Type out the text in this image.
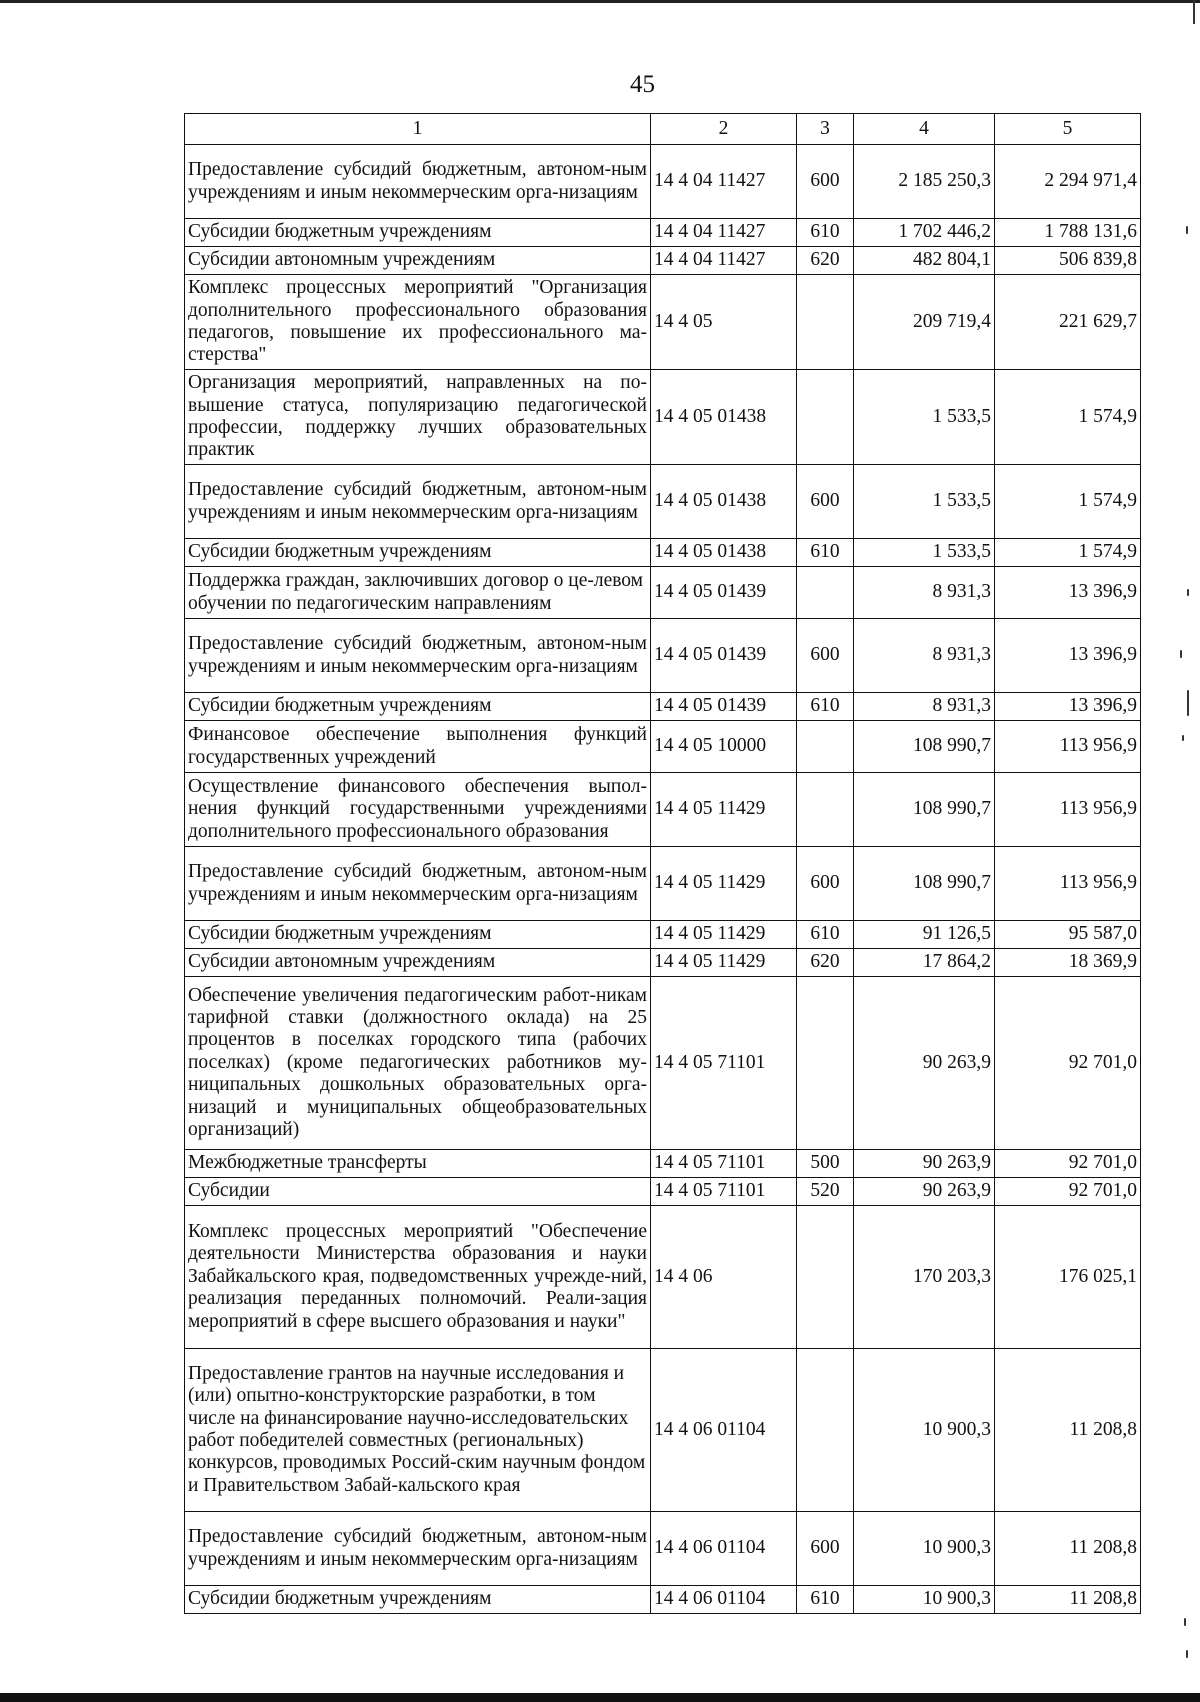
45
1	2	3	4	5
Предоставление субсидий бюджетным, автоном-ным учреждениям и иным некоммерческим орга-низациям	14 4 04 11427	600	2 185 250,3	2 294 971,4
Субсидии бюджетным учреждениям	14 4 04 11427	610	1 702 446,2	1 788 131,6
Субсидии автономным учреждениям	14 4 04 11427	620	482 804,1	506 839,8
Комплекс процессных мероприятий "Организация дополнительного профессионального образования педагогов, повышение их профессионального ма-стерства"	14 4 05		209 719,4	221 629,7
Организация мероприятий, направленных на по-вышение статуса, популяризацию педагогической профессии, поддержку лучших образовательных практик	14 4 05 01438		1 533,5	1 574,9
Предоставление субсидий бюджетным, автоном-ным учреждениям и иным некоммерческим орга-низациям	14 4 05 01438	600	1 533,5	1 574,9
Субсидии бюджетным учреждениям	14 4 05 01438	610	1 533,5	1 574,9
Поддержка граждан, заключивших договор о це-левом обучении по педагогическим направлениям	14 4 05 01439		8 931,3	13 396,9
Предоставление субсидий бюджетным, автоном-ным учреждениям и иным некоммерческим орга-низациям	14 4 05 01439	600	8 931,3	13 396,9
Субсидии бюджетным учреждениям	14 4 05 01439	610	8 931,3	13 396,9
Финансовое обеспечение выполнения функций государственных учреждений	14 4 05 10000		108 990,7	113 956,9
Осуществление финансового обеспечения выпол-нения функций государственными учреждениями дополнительного профессионального образования	14 4 05 11429		108 990,7	113 956,9
Предоставление субсидий бюджетным, автоном-ным учреждениям и иным некоммерческим орга-низациям	14 4 05 11429	600	108 990,7	113 956,9
Субсидии бюджетным учреждениям	14 4 05 11429	610	91 126,5	95 587,0
Субсидии автономным учреждениям	14 4 05 11429	620	17 864,2	18 369,9
Обеспечение увеличения педагогическим работ-никам тарифной ставки (должностного оклада) на 25 процентов в поселках городского типа (рабочих поселках) (кроме педагогических работников му-ниципальных дошкольных образовательных орга-низаций и муниципальных общеобразовательных организаций)	14 4 05 71101		90 263,9	92 701,0
Межбюджетные трансферты	14 4 05 71101	500	90 263,9	92 701,0
Субсидии	14 4 05 71101	520	90 263,9	92 701,0
Комплекс процессных мероприятий "Обеспечение деятельности Министерства образования и науки Забайкальского края, подведомственных учрежде-ний, реализация переданных полномочий. Реали-зация мероприятий в сфере высшего образования и науки"	14 4 06		170 203,3	176 025,1
Предоставление грантов на научные исследования и (или) опытно-конструкторские разработки, в том числе на финансирование научно-исследовательских работ победителей совместных (региональных) конкурсов, проводимых Россий-ским научным фондом и Правительством Забай-кальского края	14 4 06 01104		10 900,3	11 208,8
Предоставление субсидий бюджетным, автоном-ным учреждениям и иным некоммерческим орга-низациям	14 4 06 01104	600	10 900,3	11 208,8
Субсидии бюджетным учреждениям	14 4 06 01104	610	10 900,3	11 208,8
